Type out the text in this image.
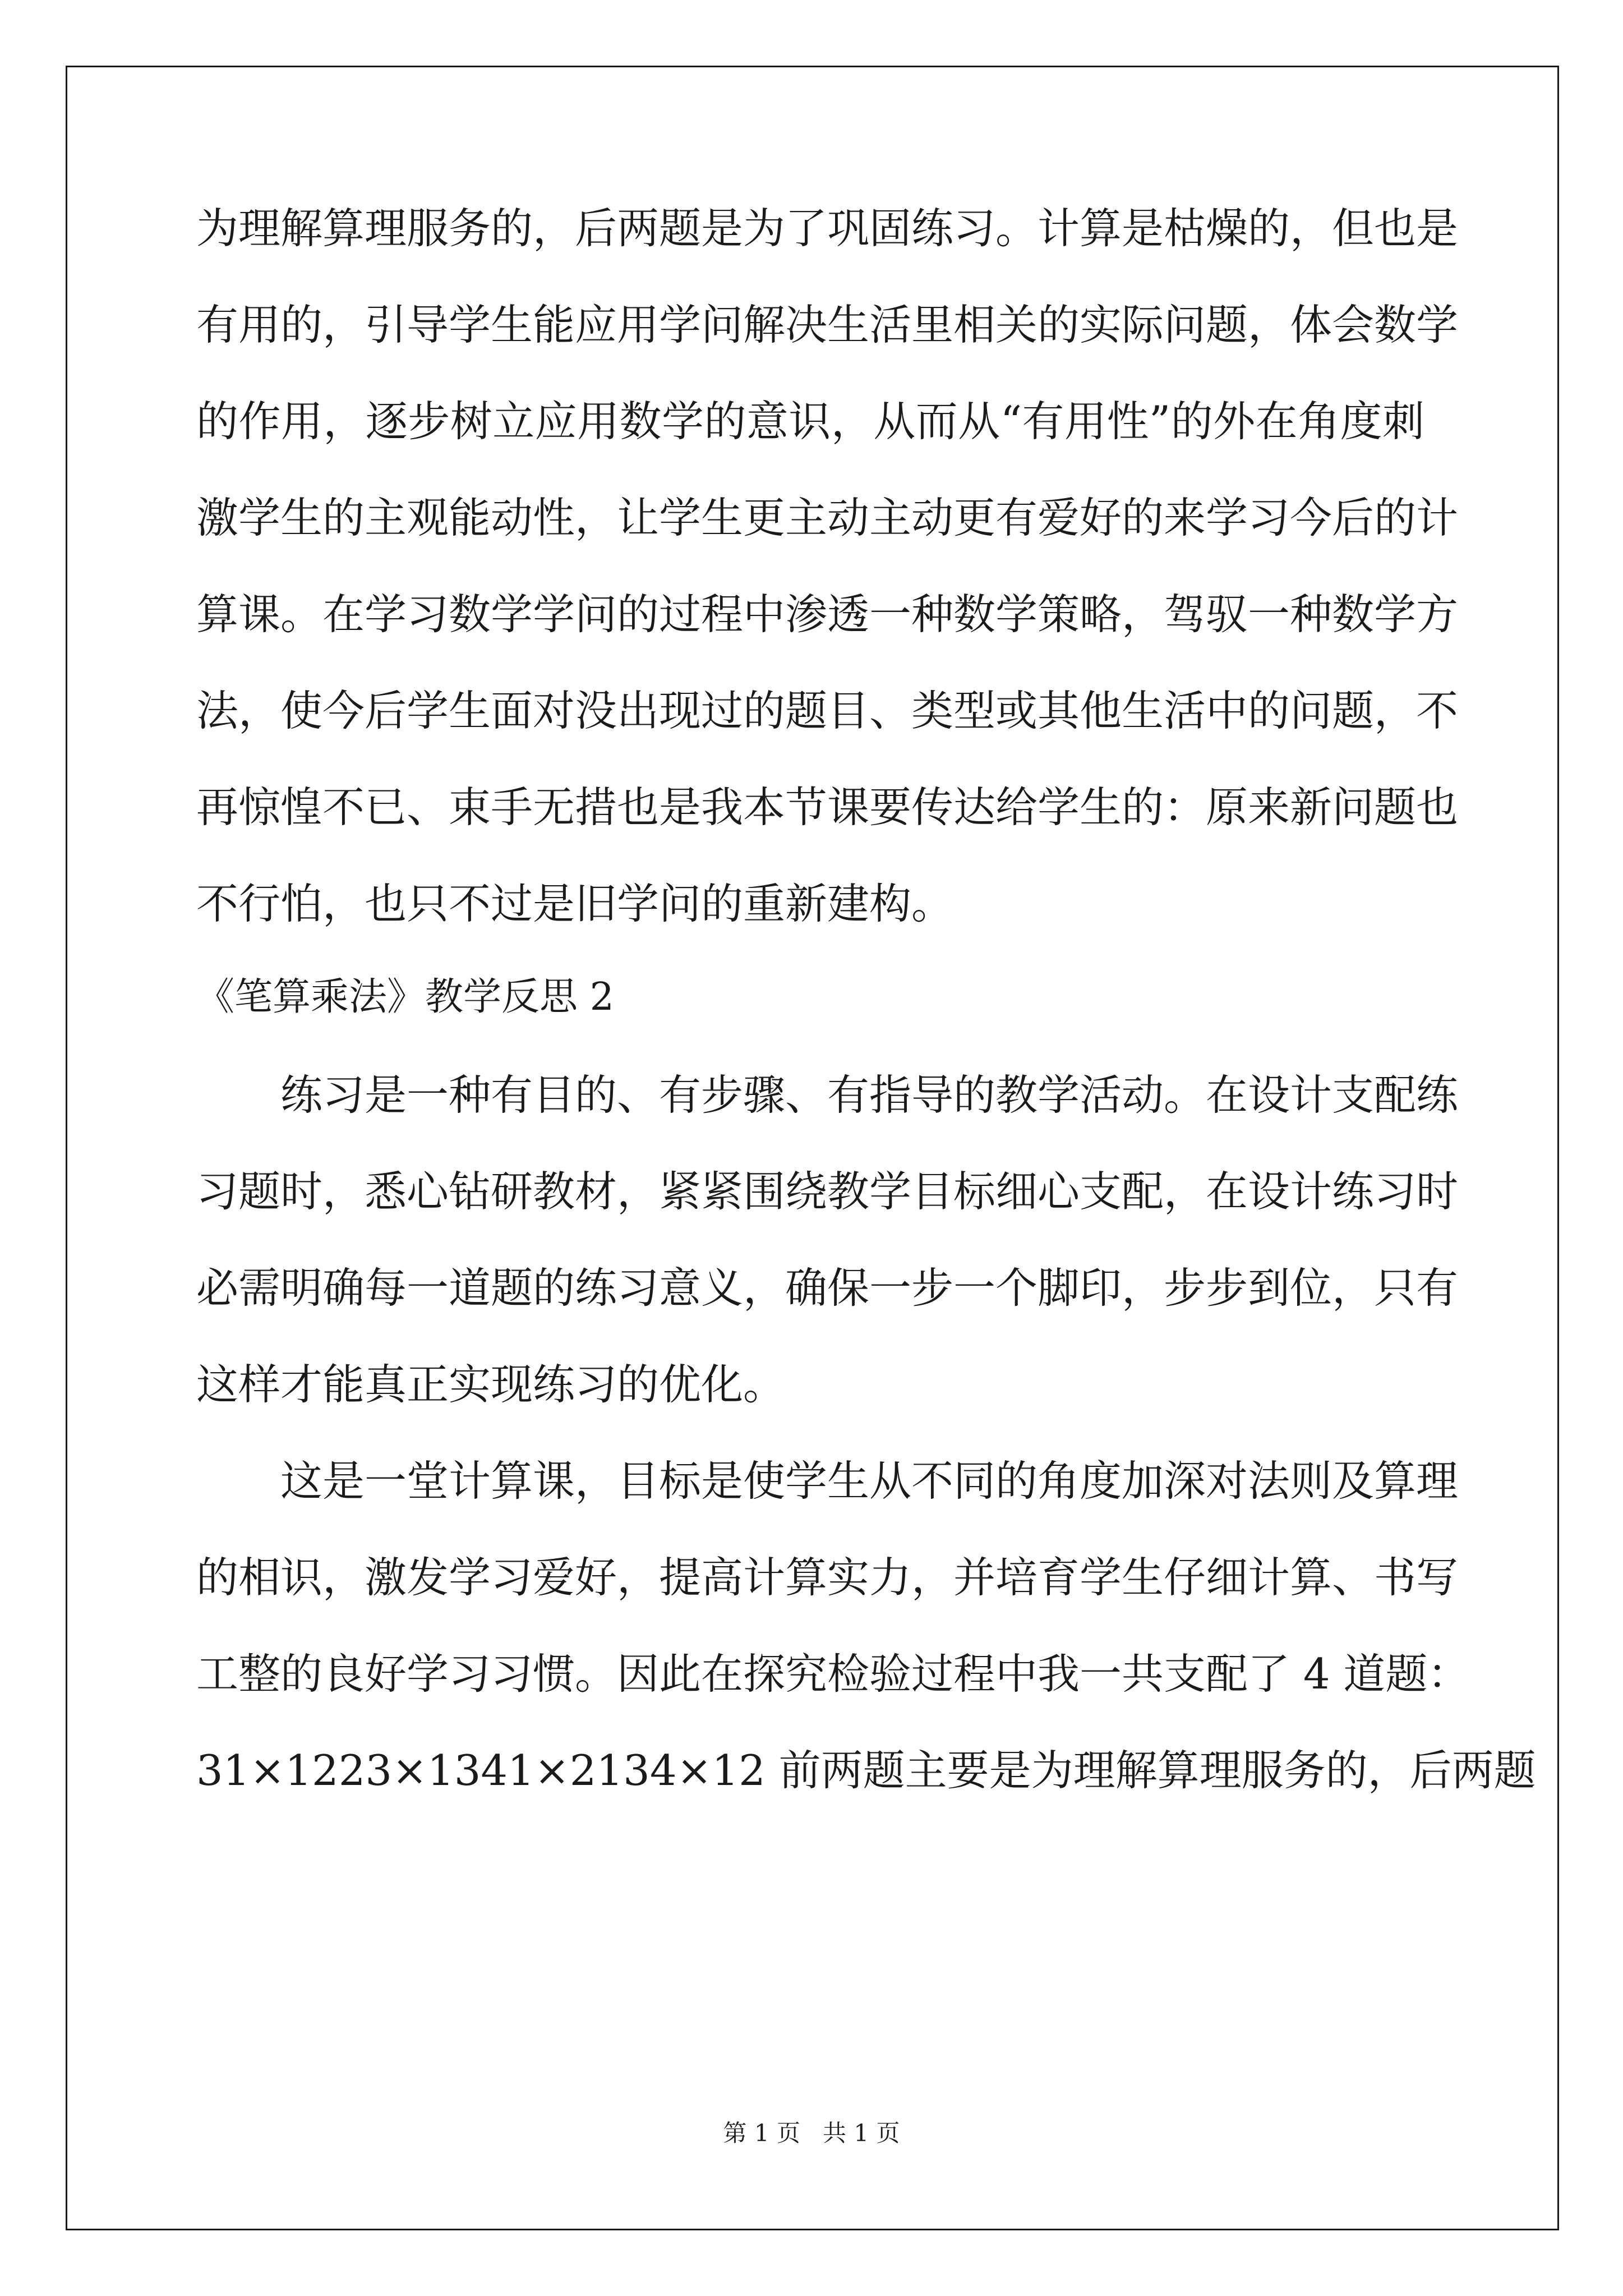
为理解算理服务的，后两题是为了巩固练习。计算是枯燥的，但也是
有用的，引导学生能应用学问解决生活里相关的实际问题，体会数学
的作用，逐步树立应用数学的意识，从而从“有用性”的外在角度刺
激学生的主观能动性，让学生更主动主动更有爱好的来学习今后的计
算课。在学习数学学问的过程中渗透一种数学策略，驾驭一种数学方
法，使今后学生面对没出现过的题目、类型或其他生活中的问题，不
再惊惶不已、束手无措也是我本节课要传达给学生的：原来新问题也
不行怕，也只不过是旧学问的重新建构。
《笔算乘法》教学反思 2
练习是一种有目的、有步骤、有指导的教学活动。在设计支配练
习题时，悉心钻研教材，紧紧围绕教学目标细心支配，在设计练习时
必需明确每一道题的练习意义，确保一步一个脚印，步步到位，只有
这样才能真正实现练习的优化。
这是一堂计算课，目标是使学生从不同的角度加深对法则及算理
的相识，激发学习爱好，提高计算实力，并培育学生仔细计算、书写
工整的良好学习习惯。因此在探究检验过程中我一共支配了 4 道题：
31×1223×1341×2134×12 前两题主要是为理解算理服务的，后两题
第 1 页   共 1 页
